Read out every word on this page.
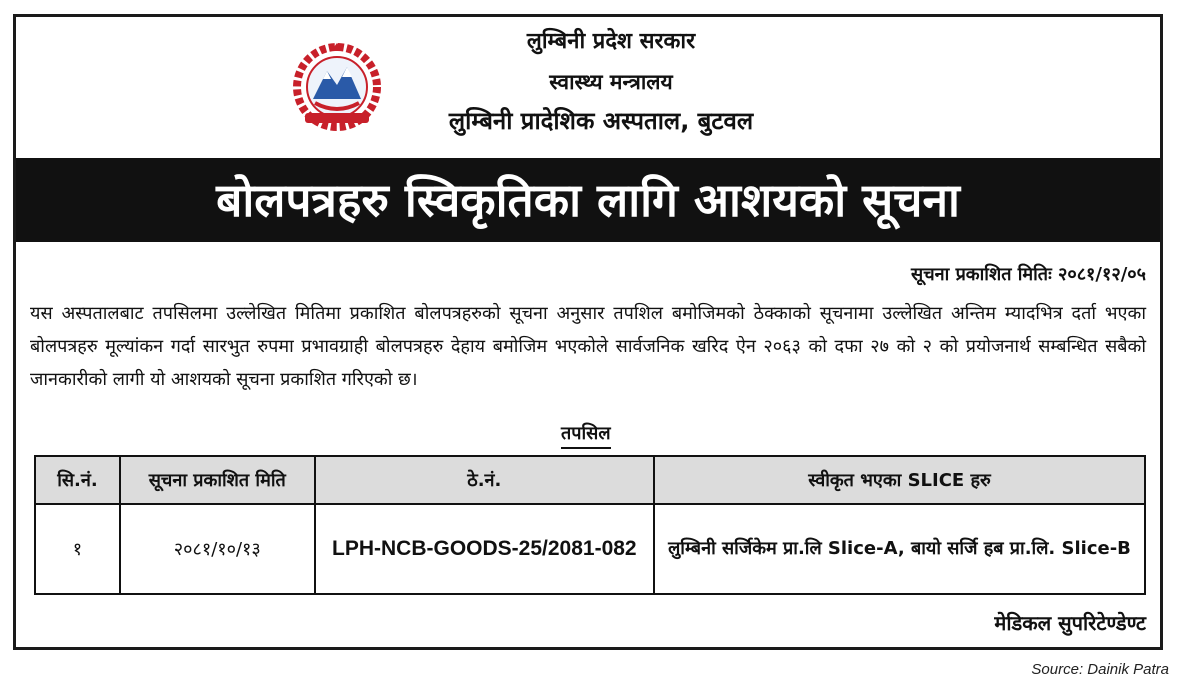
लुम्बिनी प्रदेश सरकार
स्वास्थ्य मन्त्रालय
लुम्बिनी प्रादेशिक अस्पताल, बुटवल
बोलपत्रहरु स्विकृतिका लागि आशयको सूचना
सूचना प्रकाशित मितिः २०८१/१२/०५
यस अस्पतालबाट तपसिलमा उल्लेखित मितिमा प्रकाशित बोलपत्रहरुको सूचना अनुसार तपशिल बमोजिमको ठेक्काको सूचनामा उल्लेखित अन्तिम म्यादभित्र दर्ता भएका बोलपत्रहरु मूल्यांकन गर्दा सारभुत रुपमा प्रभावग्राही बोलपत्रहरु देहाय बमोजिम भएकोले सार्वजनिक खरिद ऐन २०६३ को दफा २७ को २ को प्रयोजनार्थ सम्बन्धित सबैको जानकारीको लागी यो आशयको सूचना प्रकाशित गरिएको छ।
तपसिल
सि.नं.	सूचना प्रकाशित मिति	ठे.नं.	स्वीकृत भएका SLICE हरु
१	२०८१/१०/१३	LPH-NCB-GOODS-25/2081-082	लुम्बिनी सर्जिकेम प्रा.लि Slice-A, बायो सर्जि हब प्रा.लि. Slice-B
मेडिकल सुपरिटेण्डेण्ट
Source: Dainik Patra
